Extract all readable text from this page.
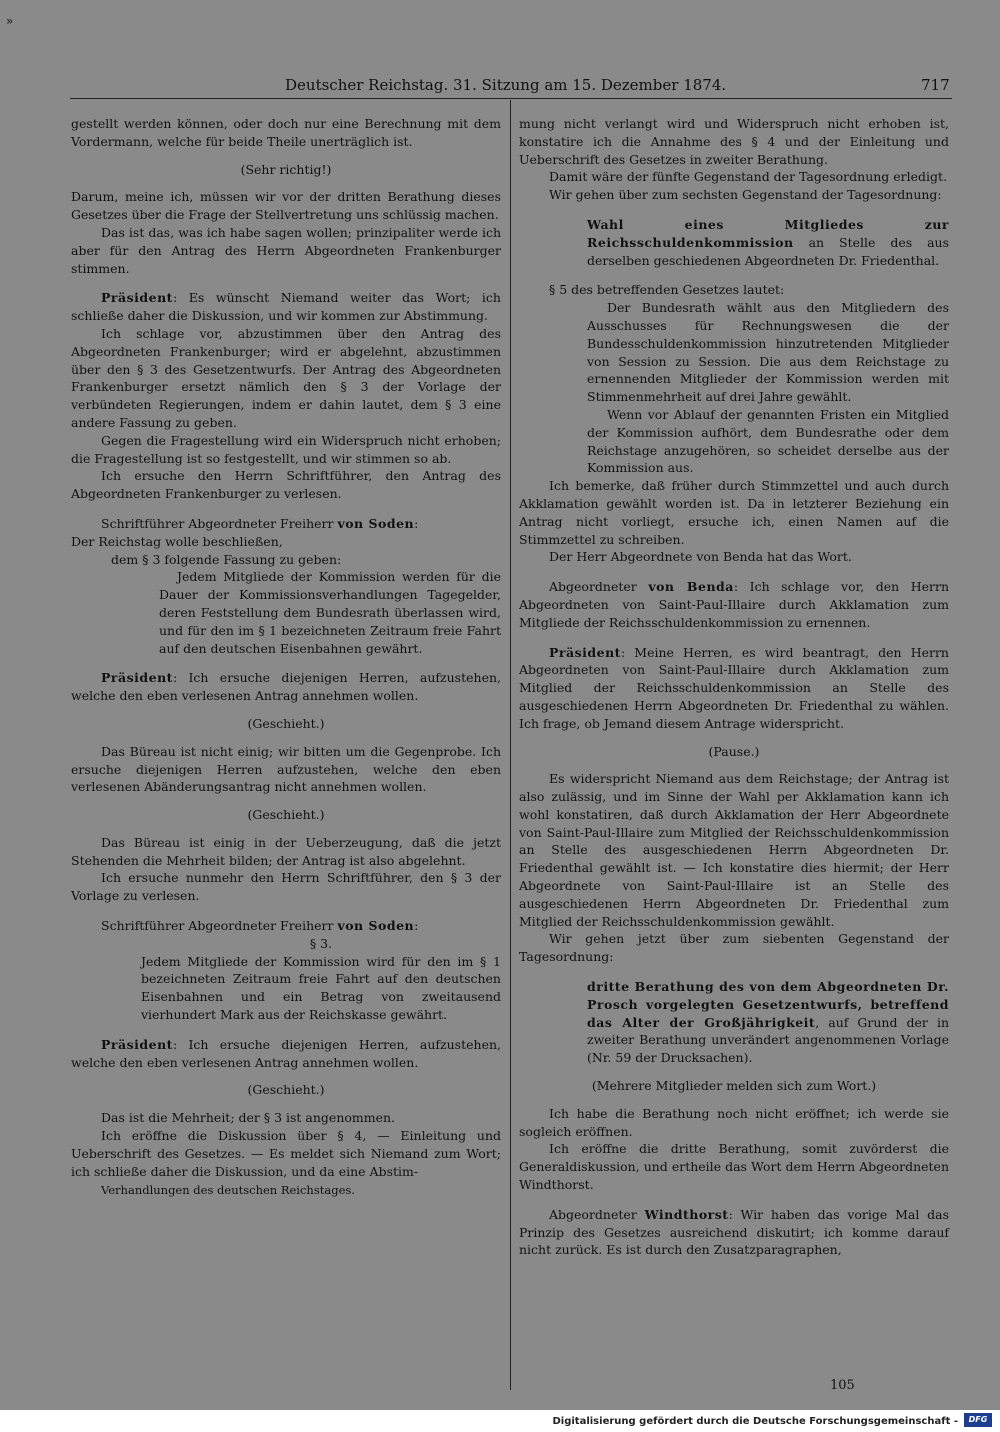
»
Deutscher Reichstag. 31. Sitzung am 15. Dezember 1874.	717

gestellt werden können, oder doch nur eine Berechnung mit dem Vordermann, welche für beide Theile unerträglich ist.

(Sehr richtig!)

Darum, meine ich, müssen wir vor der dritten Berathung dieses Gesetzes über die Frage der Stellvertretung uns schlüssig machen.

Das ist das, was ich habe sagen wollen; prinzipaliter werde ich aber für den Antrag des Herrn Abgeordneten Frankenburger stimmen.

Präsident: Es wünscht Niemand weiter das Wort; ich schließe daher die Diskussion, und wir kommen zur Abstimmung.

Ich schlage vor, abzustimmen über den Antrag des Abgeordneten Frankenburger; wird er abgelehnt, abzustimmen über den § 3 des Gesetzentwurfs. Der Antrag des Abgeordneten Frankenburger ersetzt nämlich den § 3 der Vorlage der verbündeten Regierungen, indem er dahin lautet, dem § 3 eine andere Fassung zu geben.

Gegen die Fragestellung wird ein Widerspruch nicht erhoben; die Fragestellung ist so festgestellt, und wir stimmen so ab.

Ich ersuche den Herrn Schriftführer, den Antrag des Abgeordneten Frankenburger zu verlesen.

Schriftführer Abgeordneter Freiherr von Soden:

Der Reichstag wolle beschließen,

dem § 3 folgende Fassung zu geben:

Jedem Mitgliede der Kommission werden für die Dauer der Kommissionsverhandlungen Tagegelder, deren Feststellung dem Bundesrath überlassen wird, und für den im § 1 bezeichneten Zeitraum freie Fahrt auf den deutschen Eisenbahnen gewährt.

Präsident: Ich ersuche diejenigen Herren, aufzustehen, welche den eben verlesenen Antrag annehmen wollen.

(Geschieht.)

Das Büreau ist nicht einig; wir bitten um die Gegenprobe. Ich ersuche diejenigen Herren aufzustehen, welche den eben verlesenen Abänderungsantrag nicht annehmen wollen.

(Geschieht.)

Das Büreau ist einig in der Ueberzeugung, daß die jetzt Stehenden die Mehrheit bilden; der Antrag ist also abgelehnt.

Ich ersuche nunmehr den Herrn Schriftführer, den § 3 der Vorlage zu verlesen.

Schriftführer Abgeordneter Freiherr von Soden:

§ 3.

Jedem Mitgliede der Kommission wird für den im § 1 bezeichneten Zeitraum freie Fahrt auf den deutschen Eisenbahnen und ein Betrag von zweitausend vierhundert Mark aus der Reichskasse gewährt.

Präsident: Ich ersuche diejenigen Herren, aufzustehen, welche den eben verlesenen Antrag annehmen wollen.

(Geschieht.)

Das ist die Mehrheit; der § 3 ist angenommen.

Ich eröffne die Diskussion über § 4, — Einleitung und Ueberschrift des Gesetzes. — Es meldet sich Niemand zum Wort; ich schließe daher die Diskussion, und da eine Abstim-

Verhandlungen des deutschen Reichstages.

mung nicht verlangt wird und Widerspruch nicht erhoben ist, konstatire ich die Annahme des § 4 und der Einleitung und Ueberschrift des Gesetzes in zweiter Berathung.

Damit wäre der fünfte Gegenstand der Tagesordnung erledigt.

Wir gehen über zum sechsten Gegenstand der Tagesordnung:

Wahl eines Mitgliedes zur Reichsschuldenkommission an Stelle des aus derselben geschiedenen Abgeordneten Dr. Friedenthal.

§ 5 des betreffenden Gesetzes lautet:

Der Bundesrath wählt aus den Mitgliedern des Ausschusses für Rechnungswesen die der Bundesschuldenkommission hinzutretenden Mitglieder von Session zu Session. Die aus dem Reichstage zu ernennenden Mitglieder der Kommission werden mit Stimmenmehrheit auf drei Jahre gewählt.

Wenn vor Ablauf der genannten Fristen ein Mitglied der Kommission aufhört, dem Bundesrathe oder dem Reichstage anzugehören, so scheidet derselbe aus der Kommission aus.

Ich bemerke, daß früher durch Stimmzettel und auch durch Akklamation gewählt worden ist. Da in letzterer Beziehung ein Antrag nicht vorliegt, ersuche ich, einen Namen auf die Stimmzettel zu schreiben.

Der Herr Abgeordnete von Benda hat das Wort.

Abgeordneter von Benda: Ich schlage vor, den Herrn Abgeordneten von Saint-Paul-Illaire durch Akklamation zum Mitgliede der Reichsschuldenkommission zu ernennen.

Präsident: Meine Herren, es wird beantragt, den Herrn Abgeordneten von Saint-Paul-Illaire durch Akklamation zum Mitglied der Reichsschuldenkommission an Stelle des ausgeschiedenen Herrn Abgeordneten Dr. Friedenthal zu wählen. Ich frage, ob Jemand diesem Antrage widerspricht.

(Pause.)

Es widerspricht Niemand aus dem Reichstage; der Antrag ist also zulässig, und im Sinne der Wahl per Akklamation kann ich wohl konstatiren, daß durch Akklamation der Herr Abgeordnete von Saint-Paul-Illaire zum Mitglied der Reichsschuldenkommission an Stelle des ausgeschiedenen Herrn Abgeordneten Dr. Friedenthal gewählt ist. — Ich konstatire dies hiermit; der Herr Abgeordnete von Saint-Paul-Illaire ist an Stelle des ausgeschiedenen Herrn Abgeordneten Dr. Friedenthal zum Mitglied der Reichsschuldenkommission gewählt.

Wir gehen jetzt über zum siebenten Gegenstand der Tagesordnung:

dritte Berathung des von dem Abgeordneten Dr. Prosch vorgelegten Gesetzentwurfs, betreffend das Alter der Großjährigkeit, auf Grund der in zweiter Berathung unverändert angenommenen Vorlage (Nr. 59 der Drucksachen).

(Mehrere Mitglieder melden sich zum Wort.)

Ich habe die Berathung noch nicht eröffnet; ich werde sie sogleich eröffnen.

Ich eröffne die dritte Berathung, somit zuvörderst die Generaldiskussion, und ertheile das Wort dem Herrn Abgeordneten Windthorst.

Abgeordneter Windthorst: Wir haben das vorige Mal das Prinzip des Gesetzes ausreichend diskutirt; ich komme darauf nicht zurück. Es ist durch den Zusatzparagraphen,

105
Digitalisierung gefördert durch die Deutsche Forschungsgemeinschaft -	DFG
